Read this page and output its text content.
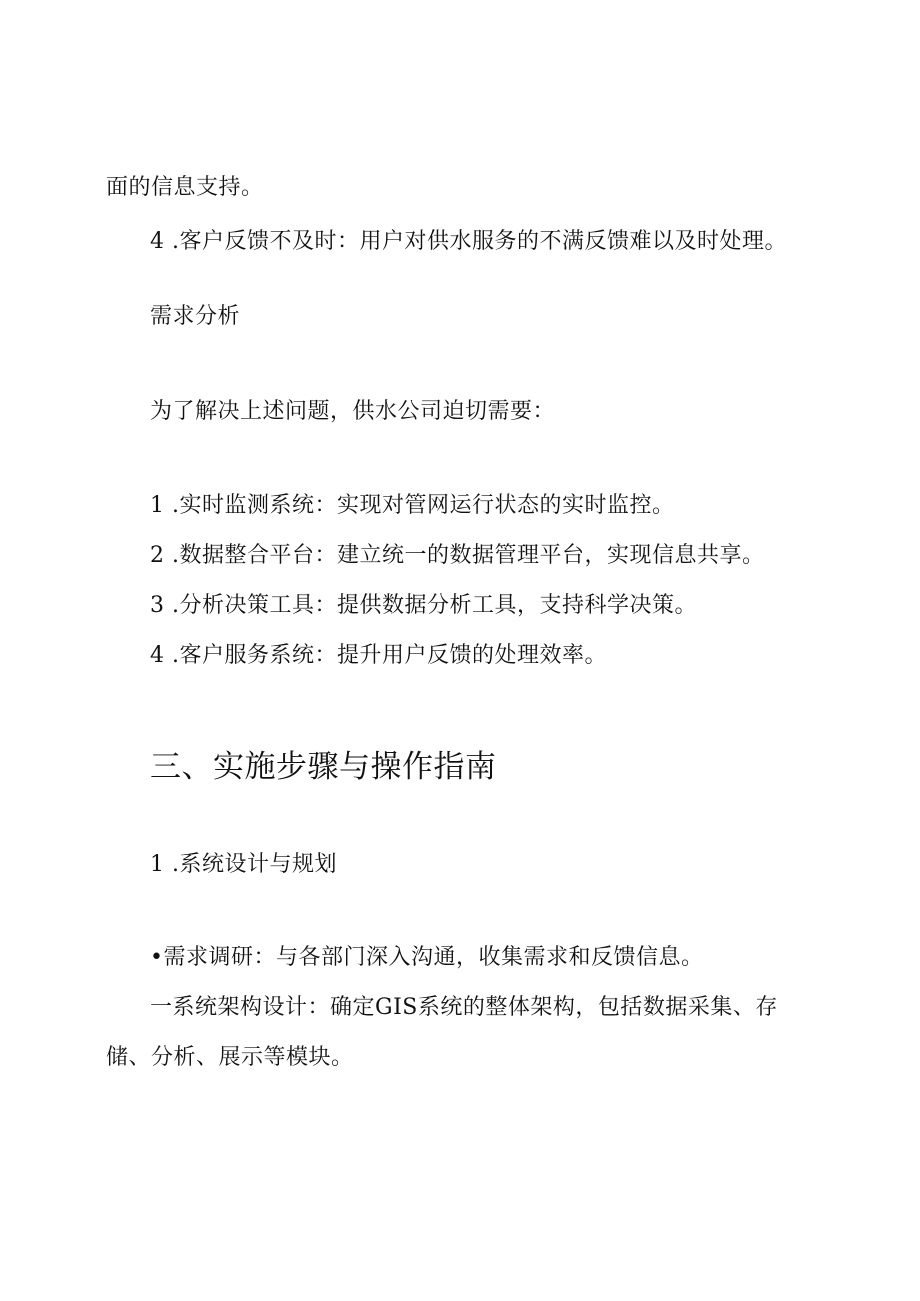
面的信息支持。
4 .客户反馈不及时：用户对供水服务的不满反馈难以及时处理。
需求分析
为了解决上述问题，供水公司迫切需要：
1 .实时监测系统：实现对管网运行状态的实时监控。
2 .数据整合平台：建立统一的数据管理平台，实现信息共享。
3 .分析决策工具：提供数据分析工具，支持科学决策。
4 .客户服务系统：提升用户反馈的处理效率。
三、实施步骤与操作指南
1 .系统设计与规划
•需求调研：与各部门深入沟通，收集需求和反馈信息。
一系统架构设计：确定GIS系统的整体架构，包括数据采集、存
储、分析、展示等模块。
